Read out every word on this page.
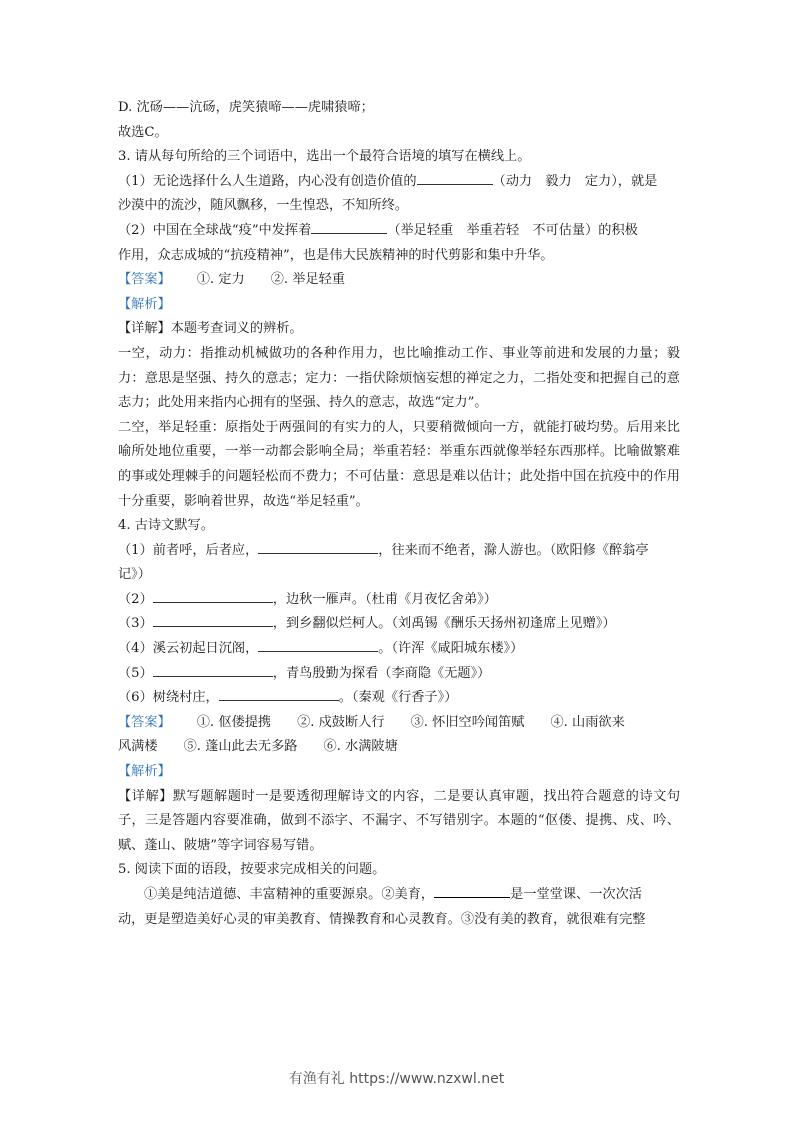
D. 沈砀——沆砀，虎笑猿啼——虎啸猿啼；

故选C。

3. 请从每句所给的三个词语中，选出一个最符合语境的填写在横线上。

（1）无论选择什么人生道路，内心没有创造价值的	（动力　毅力　定力），就是

沙漠中的流沙，随风飘移，一生惶恐，不知所终。

（2）中国在全球战“疫”中发挥着	（举足轻重　举重若轻　不可估量）的积极

作用，众志成城的“抗疫精神”，也是伟大民族精神的时代剪影和集中升华。

【答案】 ①. 定力 ②. 举足轻重

【解析】

【详解】本题考查词义的辨析。

一空，动力：指推动机械做功的各种作用力，也比喻推动工作、事业等前进和发展的力量；毅力：意思是坚强、持久的意志；定力：一指伏除烦恼妄想的禅定之力，二指处变和把握自己的意志力；此处用来指内心拥有的坚强、持久的意志，故选“定力”。

二空，举足轻重：原指处于两强间的有实力的人，只要稍微倾向一方，就能打破均势。后用来比喻所处地位重要，一举一动都会影响全局；举重若轻：举重东西就像举轻东西那样。比喻做繁难的事或处理棘手的问题轻松而不费力；不可估量：意思是难以估计；此处指中国在抗疫中的作用十分重要，影响着世界，故选“举足轻重”。

4. 古诗文默写。

（1）前者呼，后者应，	，往来而不绝者，滁人游也。（欧阳修《醉翁亭

记》）

（2）	，边秋一雁声。（杜甫《月夜忆舍弟》）

（3）	，到乡翻似烂柯人。（刘禹锡《酬乐天扬州初逢席上见赠》）

（4）溪云初起日沉阁，	。（许浑《咸阳城东楼》）

（5）	，青鸟殷勤为探看（李商隐《无题》）

（6）树绕村庄，	。（秦观《行香子》）

【答案】 ①. 伛偻提携 ②. 戍鼓断人行 ③. 怀旧空吟闻笛赋 ④. 山雨欲来

风满楼 ⑤. 蓬山此去无多路 ⑥. 水满陂塘

【解析】

【详解】默写题解题时一是要透彻理解诗文的内容，二是要认真审题，找出符合题意的诗文句子，三是答题内容要准确，做到不添字、不漏字、不写错别字。本题的“伛偻、提携、戍、吟、赋、蓬山、陂塘”等字词容易写错。

5. 阅读下面的语段，按要求完成相关的问题。

①美是纯洁道德、丰富精神的重要源泉。②美育，	是一堂堂课、一次次活

动，更是塑造美好心灵的审美教育、情操教育和心灵教育。③没有美的教育，就很难有完整

有渔有礼 https://www.nzxwl.net
